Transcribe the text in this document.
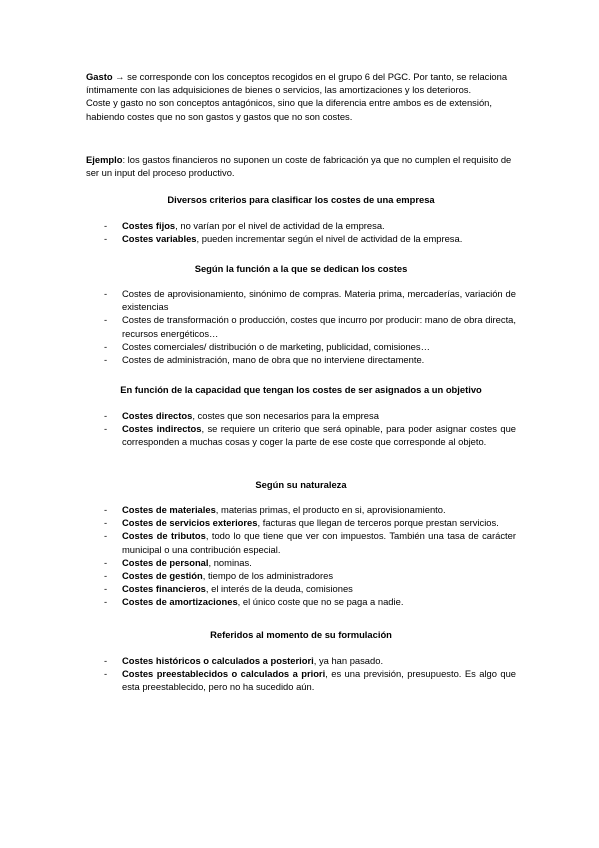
Gasto → se corresponde con los conceptos recogidos en el grupo 6 del PGC. Por tanto, se relaciona íntimamente con las adquisiciones de bienes o servicios, las amortizaciones y los deterioros.

Coste y gasto no son conceptos antagónicos, sino que la diferencia entre ambos es de extensión, habiendo costes que no son gastos y gastos que no son costes.

Ejemplo: los gastos financieros no suponen un coste de fabricación ya que no cumplen el requisito de ser un input del proceso productivo.

Diversos criterios para clasificar los costes de una empresa

- Costes fijos, no varían por el nivel de actividad de la empresa.
- Costes variables, pueden incrementar según el nivel de actividad de la empresa.

Según la función a la que se dedican los costes

- Costes de aprovisionamiento, sinónimo de compras. Materia prima, mercaderías, variación de existencias
- Costes de transformación o producción, costes que incurro por producir: mano de obra directa, recursos energéticos…
- Costes comerciales/ distribución o de marketing, publicidad, comisiones…
- Costes de administración, mano de obra que no interviene directamente.

En función de la capacidad que tengan los costes de ser asignados a un objetivo

- Costes directos, costes que son necesarios para la empresa
- Costes indirectos, se requiere un criterio que será opinable, para poder asignar costes que corresponden a muchas cosas y coger la parte de ese coste que corresponde al objeto.

Según su naturaleza

- Costes de materiales, materias primas, el producto en si, aprovisionamiento.
- Costes de servicios exteriores, facturas que llegan de terceros porque prestan servicios.
- Costes de tributos, todo lo que tiene que ver con impuestos. También una tasa de carácter municipal o una contribución especial.
- Costes de personal, nominas.
- Costes de gestión, tiempo de los administradores
- Costes financieros, el interés de la deuda, comisiones
- Costes de amortizaciones, el único coste que no se paga a nadie.

Referidos al momento de su formulación

- Costes históricos o calculados a posteriori, ya han pasado.
- Costes preestablecidos o calculados a priori, es una previsión, presupuesto. Es algo que esta preestablecido, pero no ha sucedido aún.
